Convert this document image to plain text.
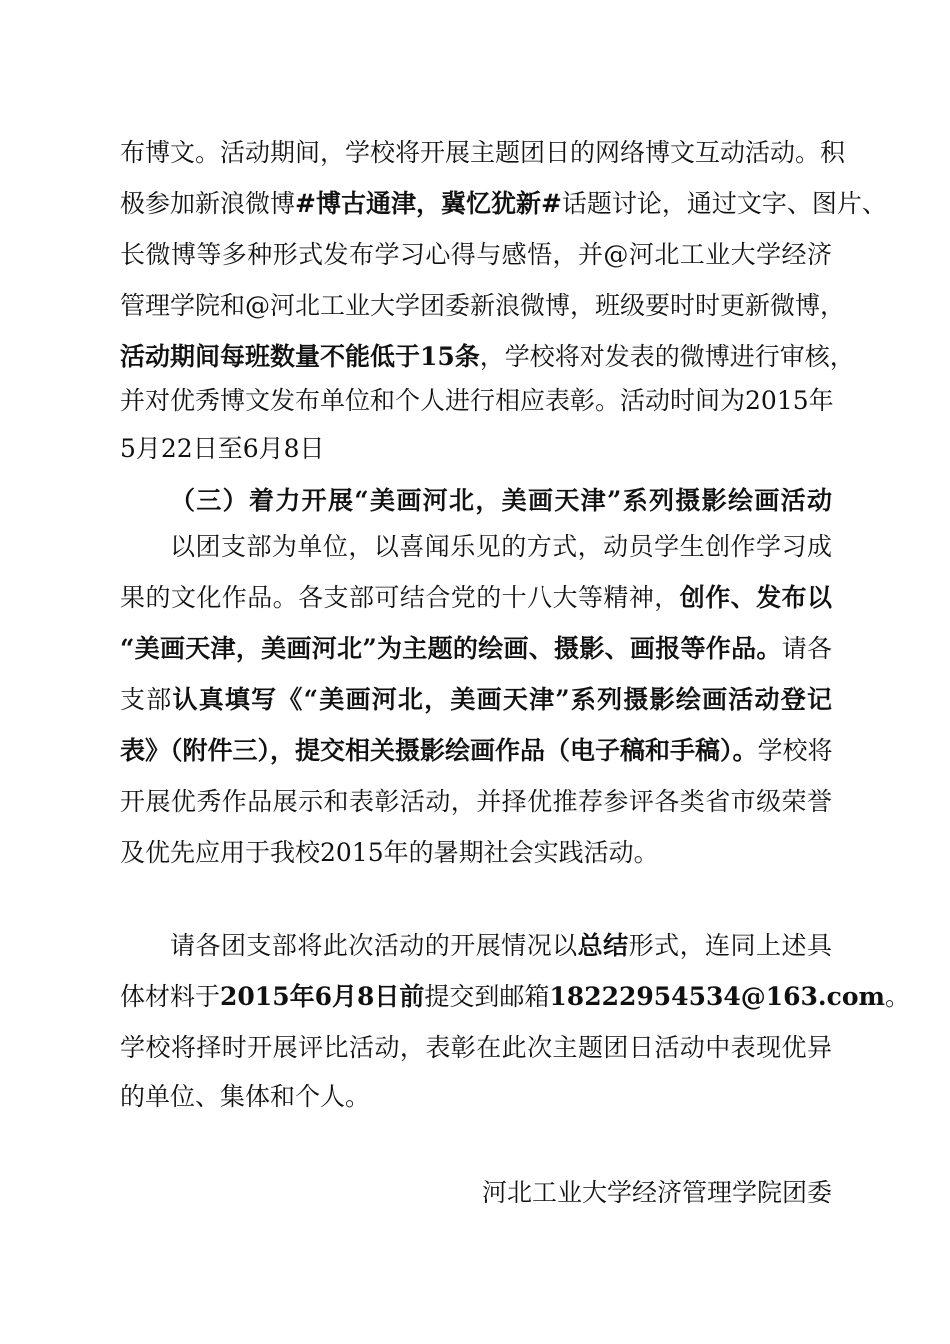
布博文。活动期间，学校将开展主题团日的网络博文互动活动。积
极参加新浪微博#博古通津，冀忆犹新#话题讨论，通过文字、图片、
长微博等多种形式发布学习心得与感悟，并@河北工业大学经济
管理学院和@河北工业大学团委新浪微博，班级要时时更新微博，
活动期间每班数量不能低于15条，学校将对发表的微博进行审核，
并对优秀博文发布单位和个人进行相应表彰。活动时间为2015年
5月22日至6月8日
（三）着力开展“美画河北，美画天津”系列摄影绘画活动
以团支部为单位，以喜闻乐见的方式，动员学生创作学习成
果的文化作品。各支部可结合党的十八大等精神，创作、发布以
“美画天津，美画河北”为主题的绘画、摄影、画报等作品。请各
支部认真填写《“美画河北，美画天津”系列摄影绘画活动登记
表》（附件三），提交相关摄影绘画作品（电子稿和手稿）。学校将
开展优秀作品展示和表彰活动，并择优推荐参评各类省市级荣誉
及优先应用于我校2015年的暑期社会实践活动。
请各团支部将此次活动的开展情况以总结形式，连同上述具
体材料于2015年6月8日前提交到邮箱18222954534@163.com。
学校将择时开展评比活动，表彰在此次主题团日活动中表现优异
的单位、集体和个人。
河北工业大学经济管理学院团委
